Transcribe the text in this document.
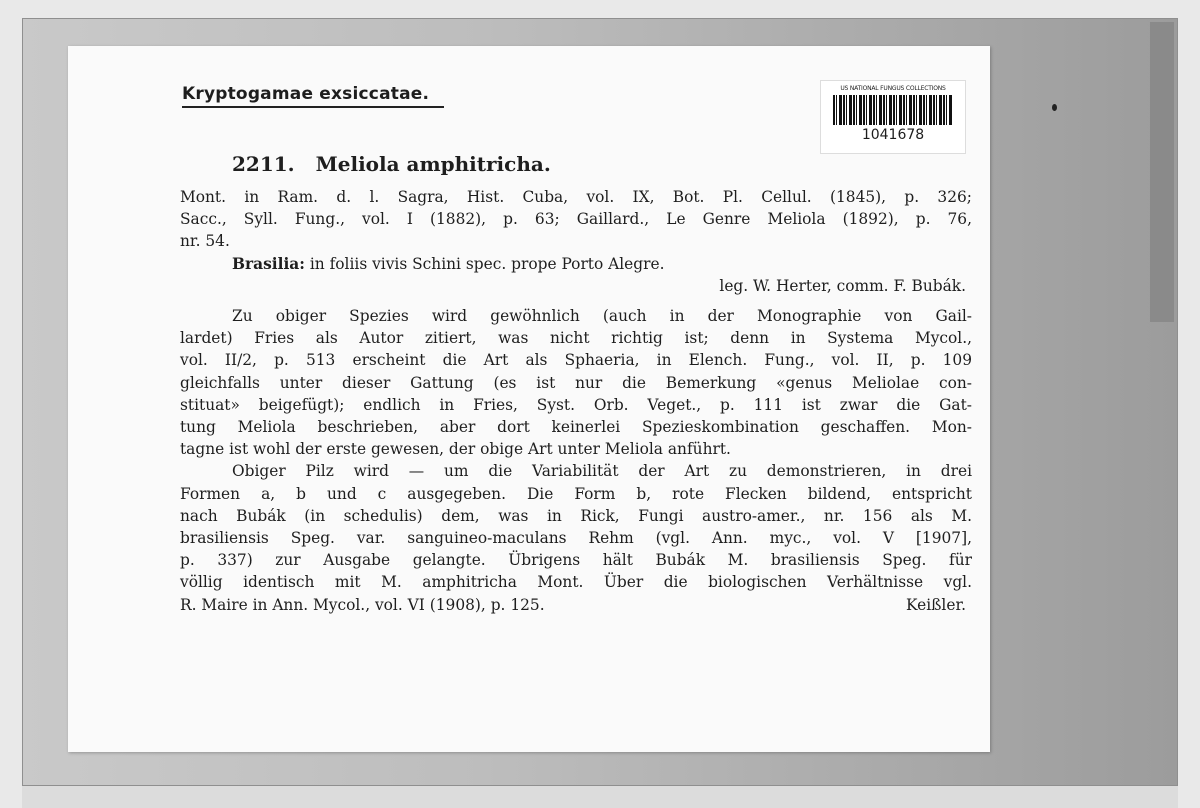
Kryptogamae exsiccatae.	US NATIONAL FUNGUS COLLECTIONS
1041678
2211. Meliola amphitricha.
Mont. in Ram. d. l. Sagra, Hist. Cuba, vol. IX, Bot. Pl. Cellul. (1845), p. 326;
Sacc., Syll. Fung., vol. I (1882), p. 63; Gaillard., Le Genre Meliola (1892), p. 76,
nr. 54.
Brasilia: in foliis vivis Schini spec. prope Porto Alegre.
leg. W. Herter, comm. F. Bubák.
Zu obiger Spezies wird gewöhnlich (auch in der Monographie von Gail-
lardet) Fries als Autor zitiert, was nicht richtig ist; denn in Systema Mycol.,
vol. II/2, p. 513 erscheint die Art als Sphaeria, in Elench. Fung., vol. II, p. 109
gleichfalls unter dieser Gattung (es ist nur die Bemerkung «genus Meliolae con-
stituat» beigefügt); endlich in Fries, Syst. Orb. Veget., p. 111 ist zwar die Gat-
tung Meliola beschrieben, aber dort keinerlei Spezieskombination geschaffen. Mon-
tagne ist wohl der erste gewesen, der obige Art unter Meliola anführt.
Obiger Pilz wird — um die Variabilität der Art zu demonstrieren, in drei
Formen a, b und c ausgegeben. Die Form b, rote Flecken bildend, entspricht
nach Bubák (in schedulis) dem, was in Rick, Fungi austro-amer., nr. 156 als M.
brasiliensis Speg. var. sanguineo-maculans Rehm (vgl. Ann. myc., vol. V [1907],
p. 337) zur Ausgabe gelangte. Übrigens hält Bubák M. brasiliensis Speg. für
völlig identisch mit M. amphitricha Mont. Über die biologischen Verhältnisse vgl.
R. Maire in Ann. Mycol., vol. VI (1908), p. 125.	Keißler.
